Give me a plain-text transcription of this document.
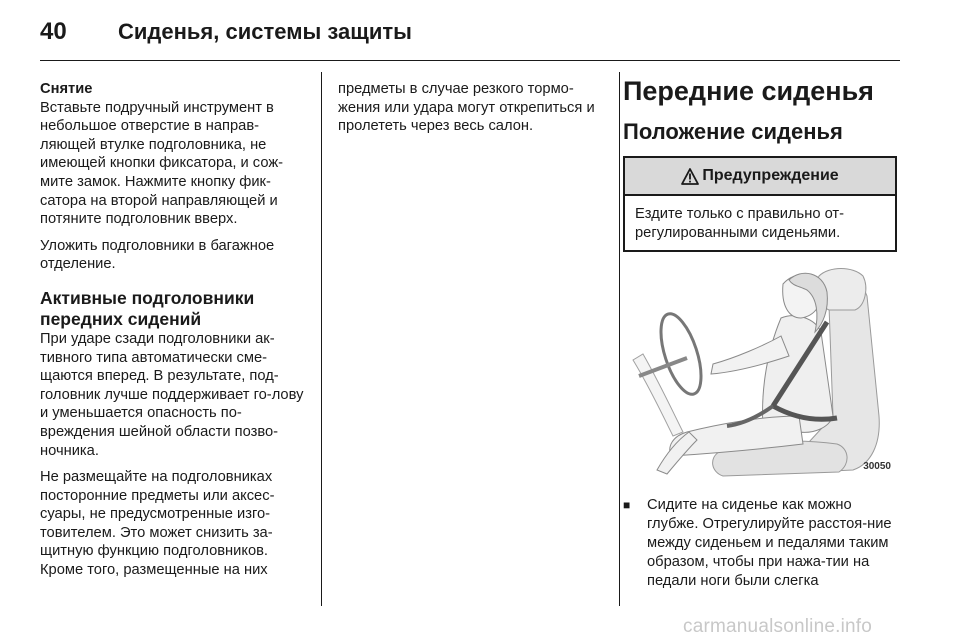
40	Сиденья, системы защиты
Снятие

Вставьте подручный инструмент в небольшое отверстие в направ-ляющей втулке подголовника, не имеющей кнопки фиксатора, и сож-мите замок. Нажмите кнопку фик-сатора на второй направляющей и потяните подголовник вверх.

Уложить подголовники в багажное отделение.

Активные подголовники передних сидений

При ударе сзади подголовники ак-тивного типа автоматически сме-щаются вперед. В результате, под-головник лучше поддерживает го-лову и уменьшается опасность по-вреждения шейной области позво-ночника.

Не размещайте на подголовниках посторонние предметы или аксес-суары, не предусмотренные изго-товителем. Это может снизить за-щитную функцию подголовников. Кроме того, размещенные на них

предметы в случае резкого тормо-жения или удара могут открепиться и пролететь через весь салон.

Передние сиденья
Положение сиденья
Предупреждение
Ездите только с правильно от-регулированными сиденьями.
30050
■	Сидите на сиденье как можно глубже. Отрегулируйте расстоя-ние между сиденьем и педалями таким образом, чтобы при нажа-тии на педали ноги были слегка
carmanualsonline.info
